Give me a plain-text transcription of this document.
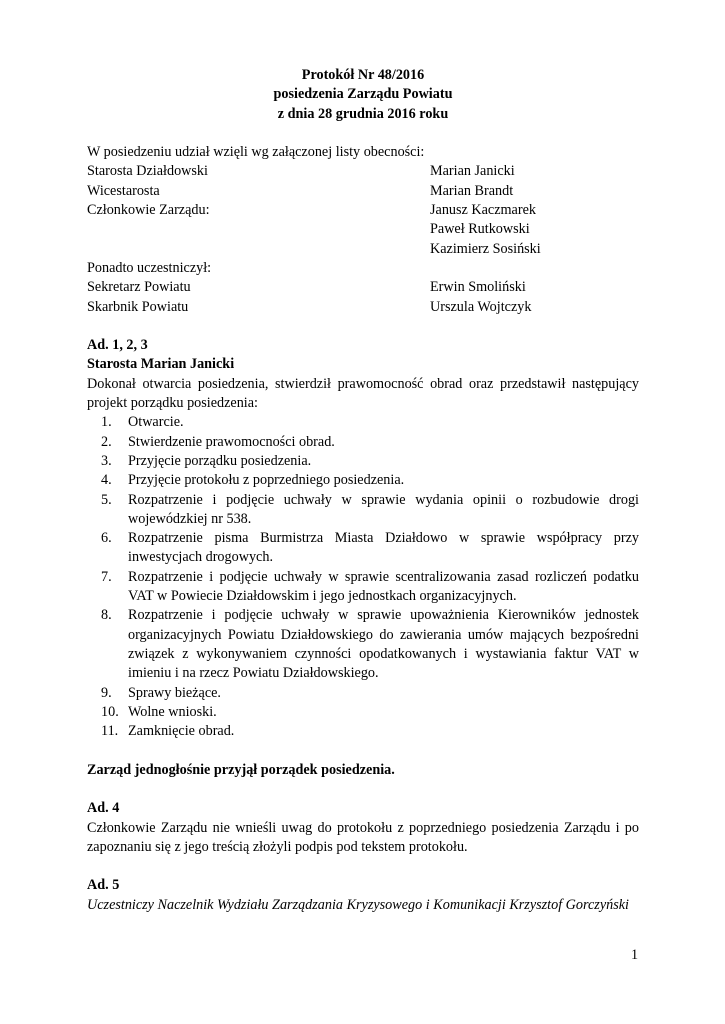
Protokół Nr 48/2016
posiedzenia Zarządu Powiatu
z dnia 28 grudnia 2016 roku
W posiedzeniu udział wzięli wg załączonej listy obecności:
Starosta Działdowski	Marian Janicki
Wicestarosta	Marian Brandt
Członkowie Zarządu:	Janusz Kaczmarek
Paweł Rutkowski
Kazimierz Sosiński
Ponadto uczestniczył:
Sekretarz Powiatu	Erwin Smoliński
Skarbnik Powiatu	Urszula Wojtczyk
Ad. 1, 2, 3
Starosta Marian Janicki
Dokonał otwarcia posiedzenia, stwierdził prawomocność obrad oraz przedstawił następujący projekt porządku posiedzenia:
1.	Otwarcie.
2.	Stwierdzenie prawomocności obrad.
3.	Przyjęcie porządku posiedzenia.
4.	Przyjęcie protokołu z poprzedniego posiedzenia.
5.	Rozpatrzenie i podjęcie uchwały w sprawie wydania opinii o rozbudowie drogi wojewódzkiej nr 538.
6.	Rozpatrzenie pisma Burmistrza Miasta Działdowo w sprawie współpracy przy inwestycjach drogowych.
7.	Rozpatrzenie i podjęcie uchwały w sprawie scentralizowania zasad rozliczeń podatku VAT w Powiecie Działdowskim i jego jednostkach organizacyjnych.
8.	Rozpatrzenie i podjęcie uchwały w sprawie upoważnienia Kierowników jednostek organizacyjnych Powiatu Działdowskiego do zawierania umów mających bezpośredni związek z wykonywaniem czynności opodatkowanych i wystawiania faktur VAT w imieniu i na rzecz Powiatu Działdowskiego.
9.	Sprawy bieżące.
10. Wolne wnioski.
11. Zamknięcie obrad.
Zarząd jednogłośnie przyjął porządek posiedzenia.
Ad. 4
Członkowie Zarządu nie wnieśli uwag do protokołu z poprzedniego posiedzenia Zarządu i po zapoznaniu się z jego treścią złożyli podpis pod tekstem protokołu.
Ad. 5
Uczestniczy Naczelnik Wydziału Zarządzania Kryzysowego i Komunikacji Krzysztof Gorczyński
1
